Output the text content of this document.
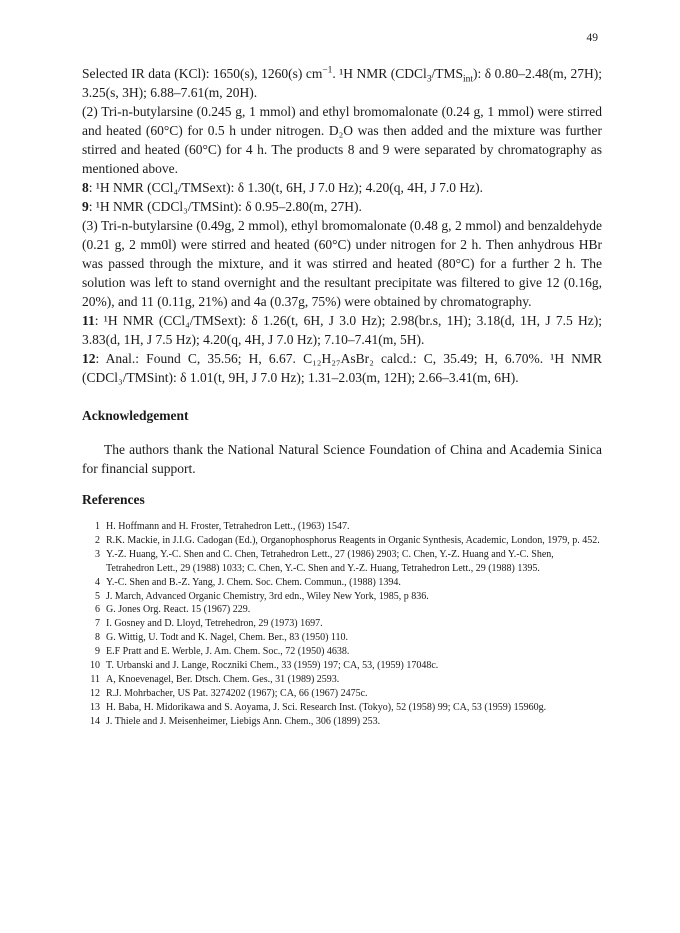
49

Selected IR data (KCl): 1650(s), 1260(s) $cm^{-1}$. ¹H NMR $(CDCl_3/TMS_{int})$: δ 0.80–2.48(m, 27H); 3.25(s, 3H); 6.88–7.61(m, 20H).

(2) Tri-n-butylarsine (0.245 g, 1 mmol) and ethyl bromomalonate (0.24 g, 1 mmol) were stirred and heated (60°C) for 0.5 h under nitrogen. D₂O was then added and the mixture was further stirred and heated (60°C) for 4 h. The products 8 and 9 were separated by chromatography as mentioned above.

8: ¹H NMR (CCl₄/TMSext): δ 1.30(t, 6H, J 7.0 Hz); 4.20(q, 4H, J 7.0 Hz).

9: ¹H NMR (CDCl₃/TMSint): δ 0.95–2.80(m, 27H).

(3) Tri-n-butylarsine (0.49g, 2 mmol), ethyl bromomalonate (0.48 g, 2 mmol) and benzaldehyde (0.21 g, 2 mm0l) were stirred and heated (60°C) under nitrogen for 2 h. Then anhydrous HBr was passed through the mixture, and it was stirred and heated (80°C) for a further 2 h. The solution was left to stand overnight and the resultant precipitate was filtered to give 12 (0.16g, 20%), and 11 (0.11g, 21%) and 4a (0.37g, 75%) were obtained by chromatography.

11: ¹H NMR (CCl₄/TMSext): δ 1.26(t, 6H, J 3.0 Hz); 2.98(br.s, 1H); 3.18(d, 1H, J 7.5 Hz); 3.83(d, 1H, J 7.5 Hz); 4.20(q, 4H, J 7.0 Hz); 7.10–7.41(m, 5H).

12: Anal.: Found C, 35.56; H, 6.67. C₁₂H₂₇AsBr₂ calcd.: C, 35.49; H, 6.70%. ¹H NMR (CDCl₃/TMSint): δ 1.01(t, 9H, J 7.0 Hz); 1.31–2.03(m, 12H); 2.66–3.41(m, 6H).

Acknowledgement
The authors thank the National Natural Science Foundation of China and Academia Sinica for financial support.
References
1 H. Hoffmann and H. Froster, Tetrahedron Lett., (1963) 1547.
2 R.K. Mackie, in J.I.G. Cadogan (Ed.), Organophosphorus Reagents in Organic Synthesis, Academic, London, 1979, p. 452.
3 Y.-Z. Huang, Y.-C. Shen and C. Chen, Tetrahedron Lett., 27 (1986) 2903; C. Chen, Y.-Z. Huang and Y.-C. Shen, Tetrahedron Lett., 29 (1988) 1033; C. Chen, Y.-C. Shen and Y.-Z. Huang, Tetrahedron Lett., 29 (1988) 1395.
4 Y.-C. Shen and B.-Z. Yang, J. Chem. Soc. Chem. Commun., (1988) 1394.
5 J. March, Advanced Organic Chemistry, 3rd edn., Wiley New York, 1985, p 836.
6 G. Jones Org. React. 15 (1967) 229.
7 I. Gosney and D. Lloyd, Tetrehedron, 29 (1973) 1697.
8 G. Wittig, U. Todt and K. Nagel, Chem. Ber., 83 (1950) 110.
9 E.F Pratt and E. Werble, J. Am. Chem. Soc., 72 (1950) 4638.
10 T. Urbanski and J. Lange, Roczniki Chem., 33 (1959) 197; CA, 53, (1959) 17048c.
11 A, Knoevenagel, Ber. Dtsch. Chem. Ges., 31 (1989) 2593.
12 R.J. Mohrbacher, US Pat. 3274202 (1967); CA, 66 (1967) 2475c.
13 H. Baba, H. Midorikawa and S. Aoyama, J. Sci. Research Inst. (Tokyo), 52 (1958) 99; CA, 53 (1959) 15960g.
14 J. Thiele and J. Meisenheimer, Liebigs Ann. Chem., 306 (1899) 253.
